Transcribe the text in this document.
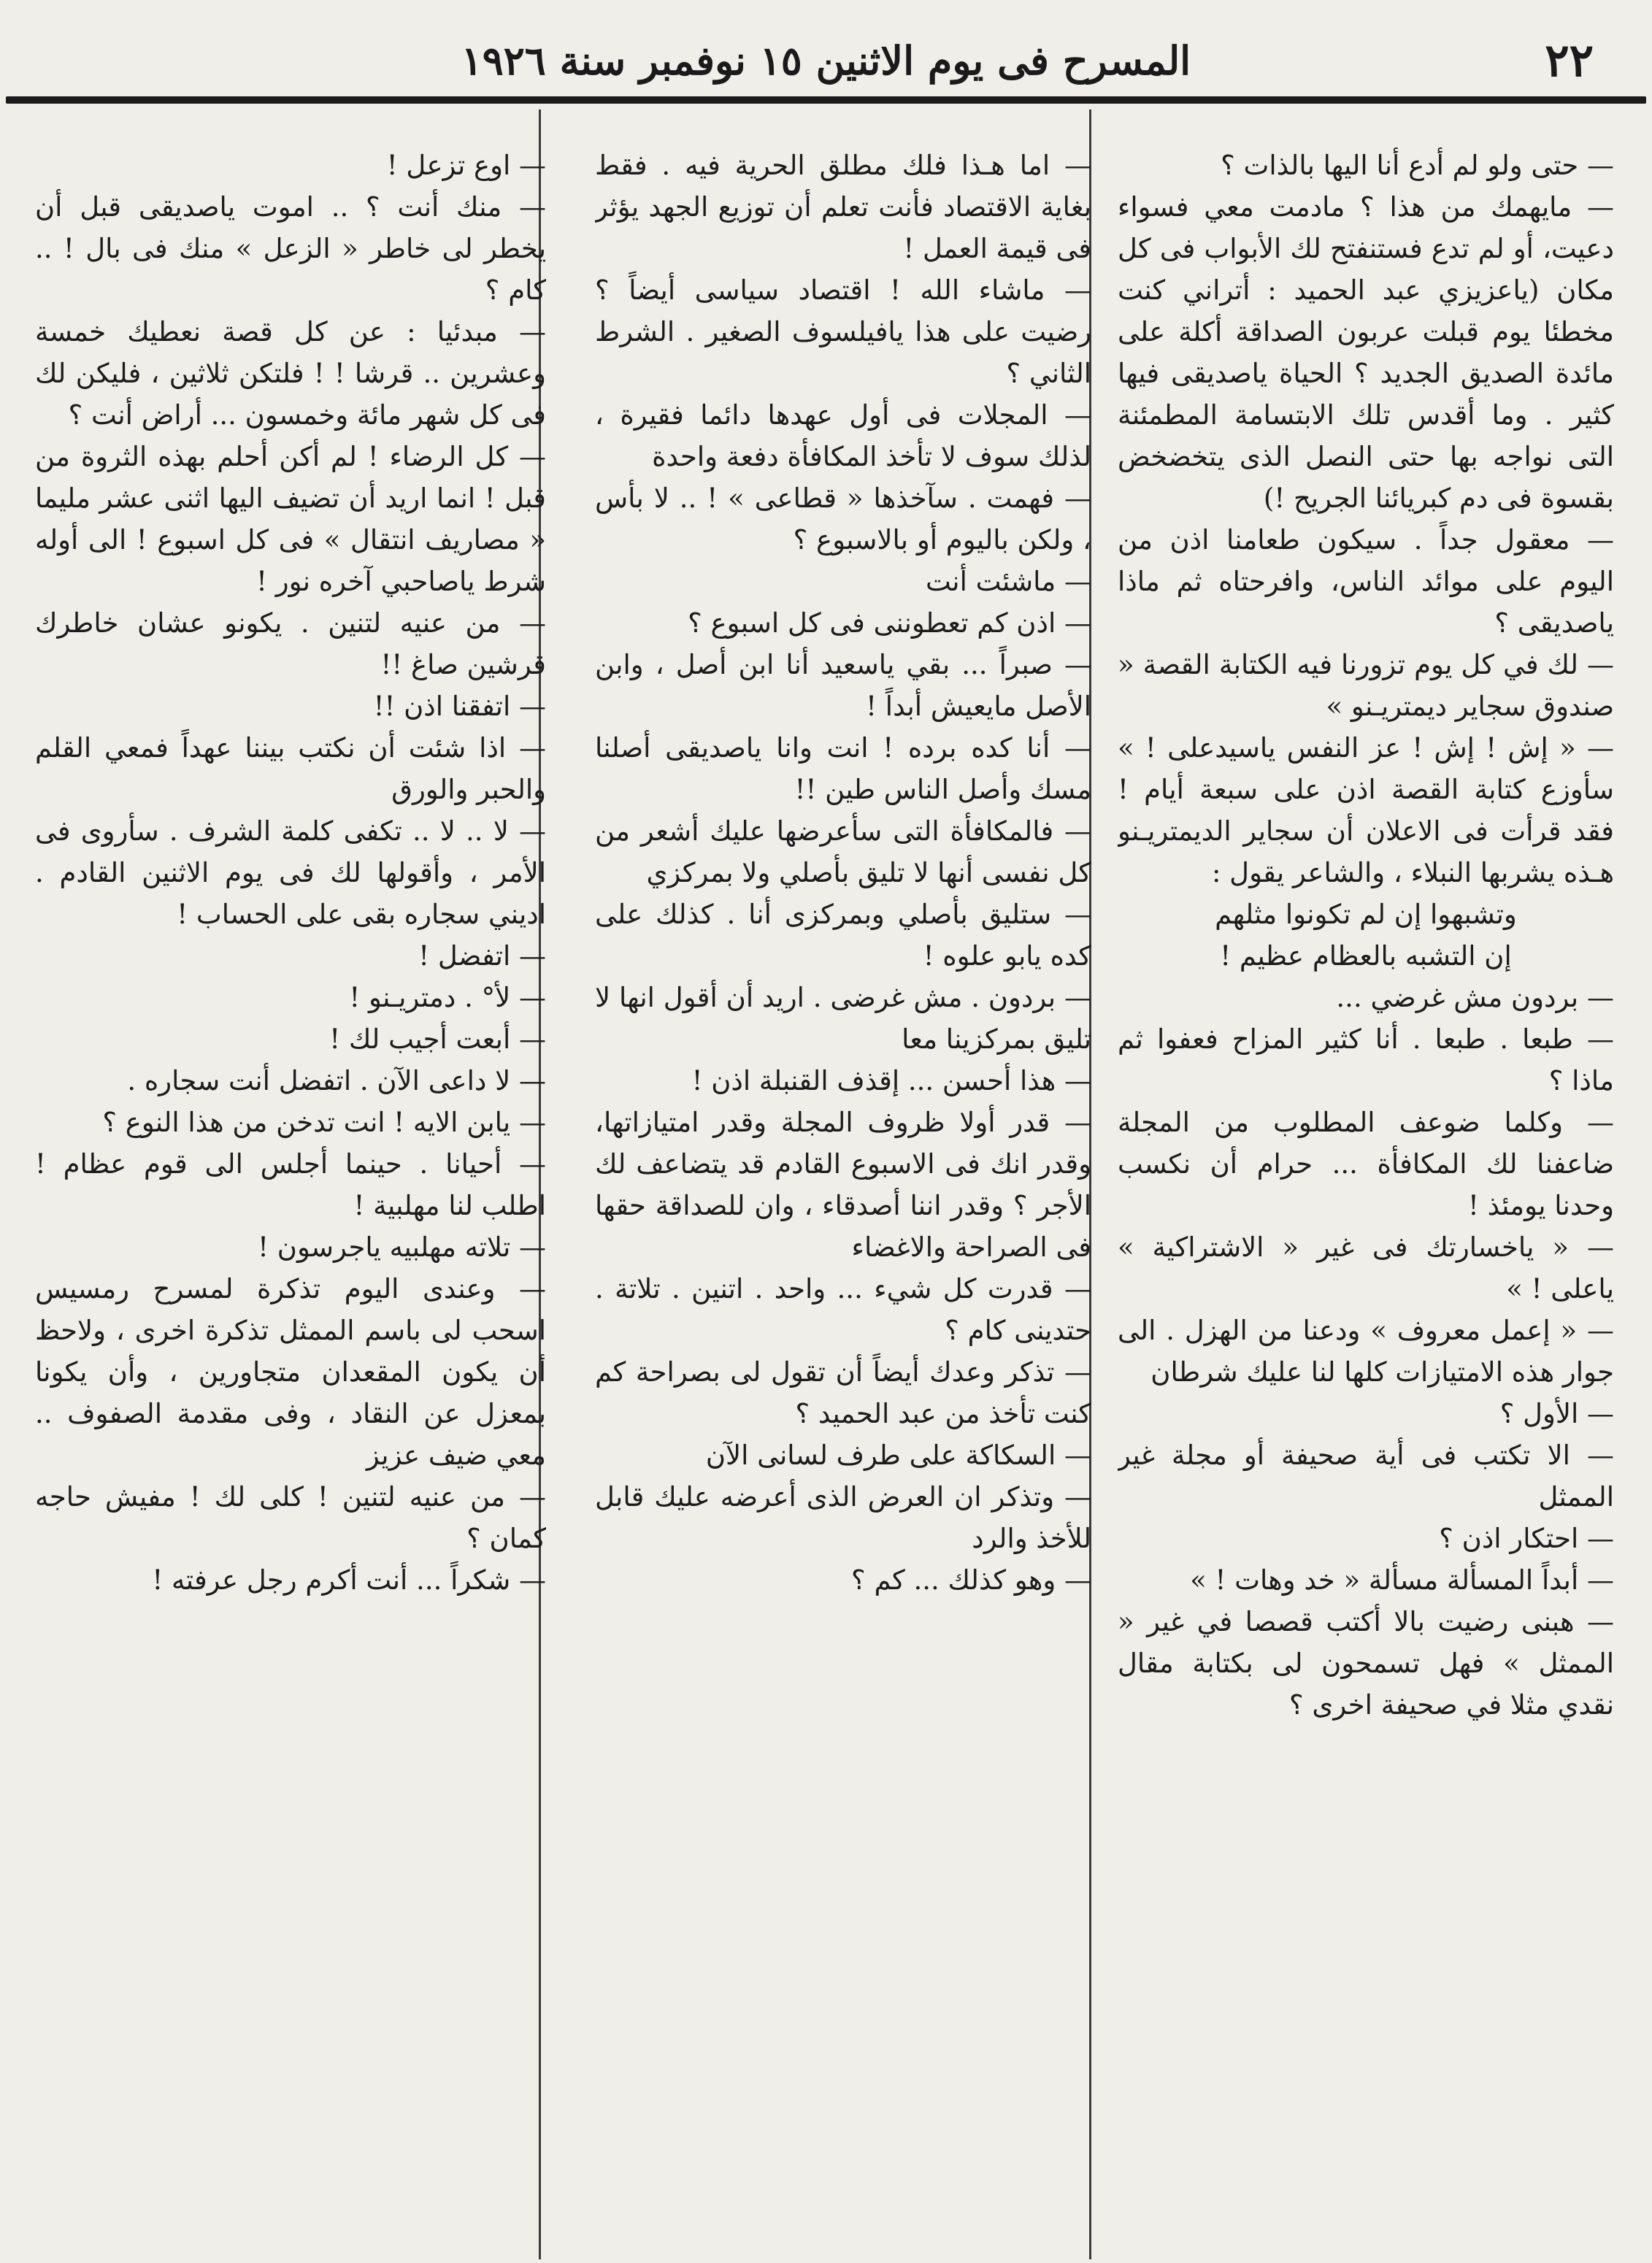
٢٢
المسرح فى يوم الاثنين ١٥ نوفمبر سنة ١٩٢٦

— حتى ولو لم أدع أنا اليها بالذات ؟

— مايهمك من هذا ؟ مادمت معي فسواء دعيت، أو لم تدع فستنفتح لك الأبواب فى كل مكان (ياعزيزي عبد الحميد : أتراني كنت مخطئا يوم قبلت عربون الصداقة أكلة على مائدة الصديق الجديد ؟ الحياة ياصديقى فيها كثير . وما أقدس تلك الابتسامة المطمئنة التى نواجه بها حتى النصل الذى يتخضخض بقسوة فى دم كبريائنا الجريح !)

— معقول جداً . سيكون طعامنا اذن من اليوم على موائد الناس، وافرحتاه ثم ماذا ياصديقى ؟

— لك في كل يوم تزورنا فيه الكتابة القصة « صندوق سجاير ديمتريـنو »

— « إش ! إش ! عز النفس ياسيدعلى ! » سأوزع كتابة القصة اذن على سبعة أيام ! فقد قرأت فى الاعلان أن سجاير الديمتريـنو هـذه يشربها النبلاء ، والشاعر يقول :

وتشبهوا إن لم تكونوا مثلهم

إن التشبه بالعظام عظيم !

— بردون مش غرضي ...

— طبعا . طبعا . أنا كثير المزاح فعفوا ثم ماذا ؟

— وكلما ضوعف المطلوب من المجلة ضاعفنا لك المكافأة ... حرام أن نكسب وحدنا يومئذ !

— « ياخسارتك فى غير « الاشتراكية » ياعلى ! »

— « إعمل معروف » ودعنا من الهزل . الى جوار هذه الامتيازات كلها لنا عليك شرطان

— الأول ؟

— الا تكتب فى أية صحيفة أو مجلة غير الممثل

— احتكار اذن ؟

— أبداً المسألة مسألة « خد وهات ! »

— هبنى رضيت بالا أكتب قصصا في غير « الممثل » فهل تسمحون لى بكتابة مقال نقدي مثلا في صحيفة اخرى ؟

— اما هـذا فلك مطلق الحرية فيه . فقط بغاية الاقتصاد فأنت تعلم أن توزيع الجهد يؤثر فى قيمة العمل !

— ماشاء الله ! اقتصاد سياسى أيضاً ؟ رضيت على هذا يافيلسوف الصغير . الشرط الثاني ؟

— المجلات فى أول عهدها دائما فقيرة ، لذلك سوف لا تأخذ المكافأة دفعة واحدة

— فهمت . سآخذها « قطاعى » ! .. لا بأس ، ولكن باليوم أو بالاسبوع ؟

— ماشئت أنت

— اذن كم تعطوننى فى كل اسبوع ؟

— صبراً ... بقي ياسعيد أنا ابن أصل ، وابن الأصل مايعيش أبداً !

— أنا كده برده ! انت وانا ياصديقى أصلنا مسك وأصل الناس طين !!

— فالمكافأة التى سأعرضها عليك أشعر من كل نفسى أنها لا تليق بأصلي ولا بمركزي

— ستليق بأصلي وبمركزى أنا . كذلك على كده يابو علوه !

— بردون . مش غرضى . اريد أن أقول انها لا تليق بمركزينا معا

— هذا أحسن ... إقذف القنبلة اذن !

— قدر أولا ظروف المجلة وقدر امتيازاتها، وقدر انك فى الاسبوع القادم قد يتضاعف لك الأجر ؟ وقدر اننا أصدقاء ، وان للصداقة حقها فى الصراحة والاغضاء

— قدرت كل شيء ... واحد . اتنين . تلاتة . حتدينى كام ؟

— تذكر وعدك أيضاً أن تقول لى بصراحة كم كنت تأخذ من عبد الحميد ؟

— السكاكة على طرف لسانى الآن

— وتذكر ان العرض الذى أعرضه عليك قابل للأخذ والرد

— وهو كذلك ... كم ؟

— اوع تزعل !

— منك أنت ؟ .. اموت ياصديقى قبل أن يخطر لى خاطر « الزعل » منك فى بال ! .. كام ؟

— مبدئيا : عن كل قصة نعطيك خمسة وعشرين .. قرشا ! ! فلتكن ثلاثين ، فليكن لك فى كل شهر مائة وخمسون ... أراض أنت ؟

— كل الرضاء ! لم أكن أحلم بهذه الثروة من قبل ! انما اريد أن تضيف اليها اثنى عشر مليما « مصاريف انتقال » فى كل اسبوع ! الى أوله شرط ياصاحبي آخره نور !

— من عنيه لتنين . يكونو عشان خاطرك قرشين صاغ !!

— اتفقنا اذن !!

— اذا شئت أن نكتب بيننا عهداً فمعي القلم والحبر والورق

— لا .. لا .. تكفى كلمة الشرف . سأروى فى الأمر ، وأقولها لك فى يوم الاثنين القادم . اديني سجاره بقى على الحساب !

— اتفضل !

— لأ° . دمتريـنو !

— أبعت أجيب لك !

— لا داعى الآن . اتفضل أنت سجاره .

— يابن الايه ! انت تدخن من هذا النوع ؟

— أحيانا . حينما أجلس الى قوم عظام ! اطلب لنا مهلبية !

— تلاته مهلبيه ياجرسون !

— وعندى اليوم تذكرة لمسرح رمسيس اسحب لى باسم الممثل تذكرة اخرى ، ولاحظ أن يكون المقعدان متجاورين ، وأن يكونا بمعزل عن النقاد ، وفى مقدمة الصفوف .. معي ضيف عزيز

— من عنيه لتنين ! كلى لك ! مفيش حاجه كمان ؟

— شكراً ... أنت أكرم رجل عرفته !
